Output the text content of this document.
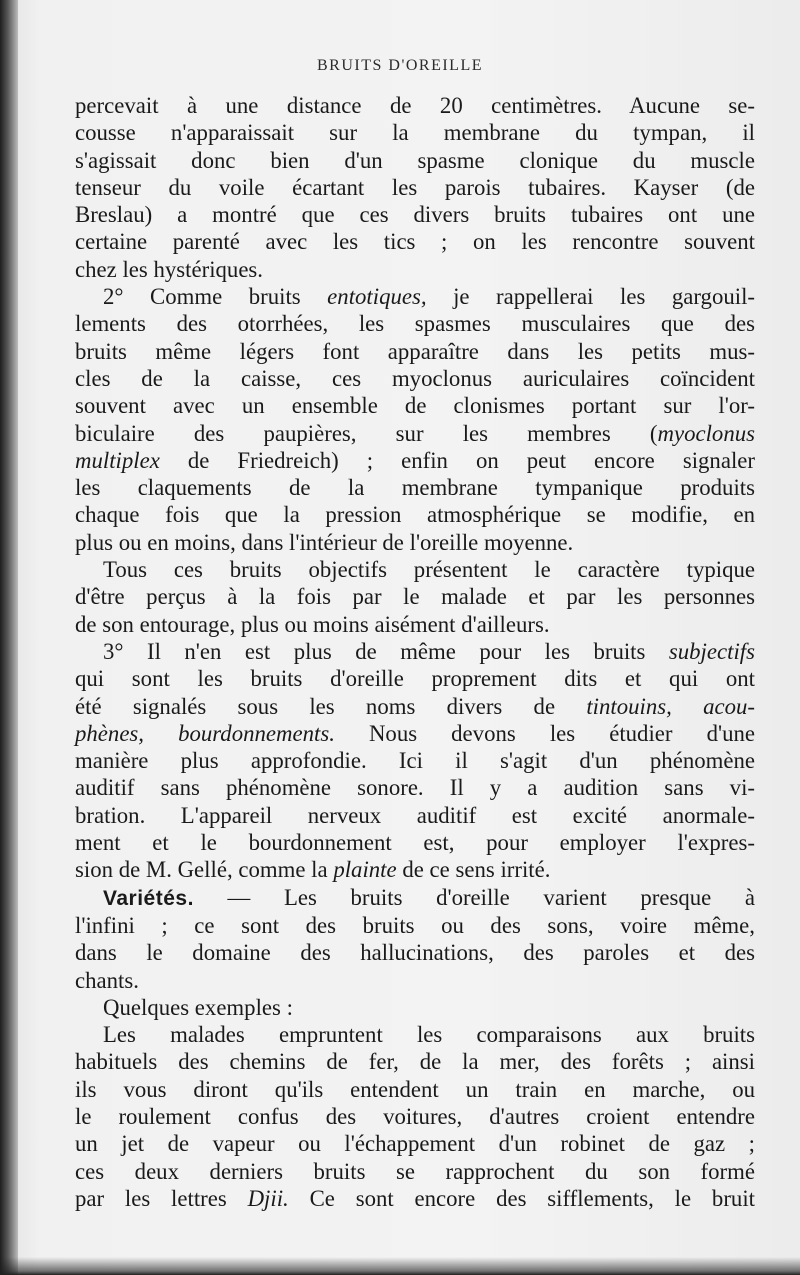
BRUITS D'OREILLE
percevait à une distance de 20 centimètres. Aucune se-
cousse n'apparaissait sur la membrane du tympan, il
s'agissait donc bien d'un spasme clonique du muscle
tenseur du voile écartant les parois tubaires. Kayser (de
Breslau) a montré que ces divers bruits tubaires ont une
certaine parenté avec les tics ; on les rencontre souvent
chez les hystériques.
2° Comme bruits entotiques, je rappellerai les gargouil-
lements des otorrhées, les spasmes musculaires que des
bruits même légers font apparaître dans les petits mus-
cles de la caisse, ces myoclonus auriculaires coïncident
souvent avec un ensemble de clonismes portant sur l'or-
biculaire des paupières, sur les membres (myoclonus
multiplex de Friedreich) ; enfin on peut encore signaler
les claquements de la membrane tympanique produits
chaque fois que la pression atmosphérique se modifie, en
plus ou en moins, dans l'intérieur de l'oreille moyenne.
Tous ces bruits objectifs présentent le caractère typique
d'être perçus à la fois par le malade et par les personnes
de son entourage, plus ou moins aisément d'ailleurs.
3° Il n'en est plus de même pour les bruits subjectifs
qui sont les bruits d'oreille proprement dits et qui ont
été signalés sous les noms divers de tintouins, acou-
phènes, bourdonnements. Nous devons les étudier d'une
manière plus approfondie. Ici il s'agit d'un phénomène
auditif sans phénomène sonore. Il y a audition sans vi-
bration. L'appareil nerveux auditif est excité anormale-
ment et le bourdonnement est, pour employer l'expres-
sion de M. Gellé, comme la plainte de ce sens irrité.
Variétés. — Les bruits d'oreille varient presque à
l'infini ; ce sont des bruits ou des sons, voire même,
dans le domaine des hallucinations, des paroles et des
chants.
Quelques exemples :
Les malades empruntent les comparaisons aux bruits
habituels des chemins de fer, de la mer, des forêts ; ainsi
ils vous diront qu'ils entendent un train en marche, ou
le roulement confus des voitures, d'autres croient entendre
un jet de vapeur ou l'échappement d'un robinet de gaz ;
ces deux derniers bruits se rapprochent du son formé
par les lettres Djii. Ce sont encore des sifflements, le bruit
